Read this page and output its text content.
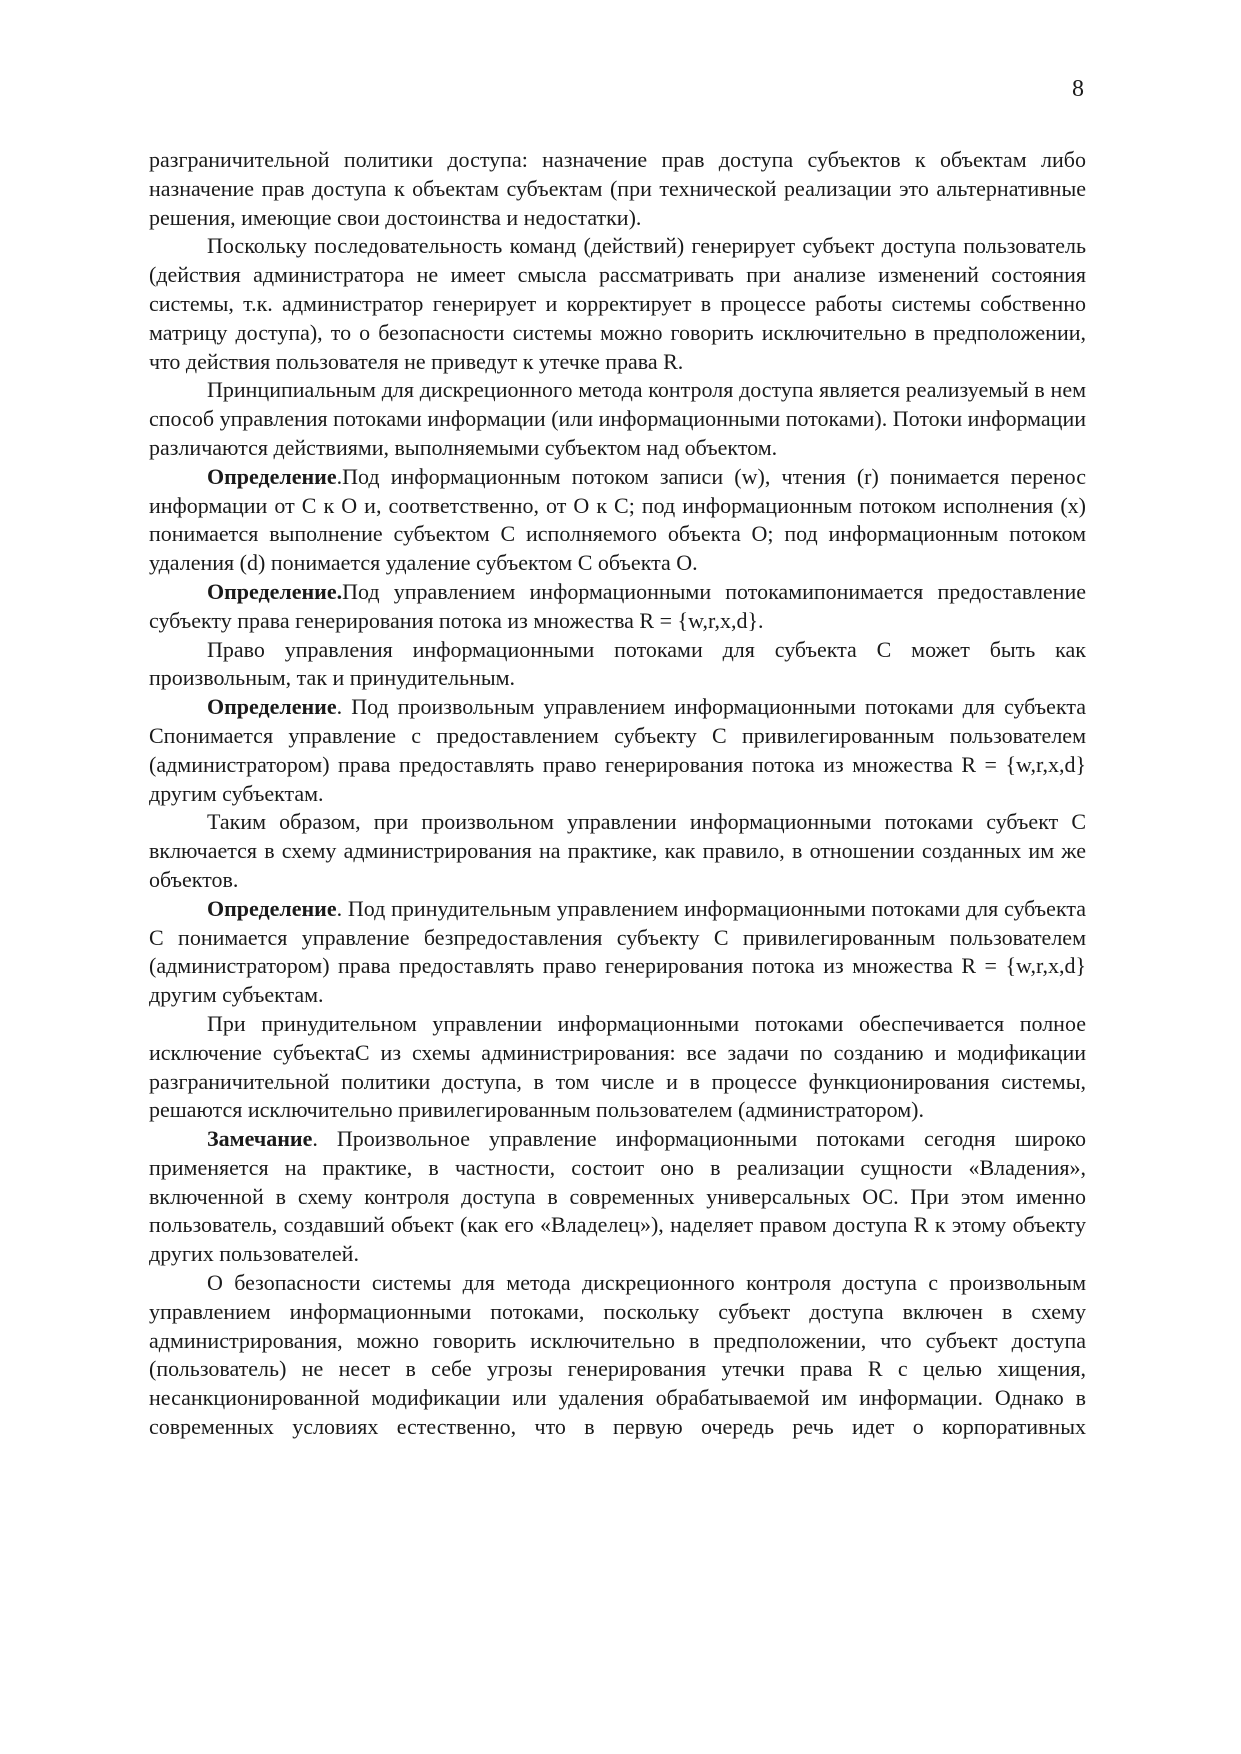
8

разграничительной политики доступа: назначение прав доступа субъектов к объектам либо назначение прав доступа к объектам субъектам (при технической реализации это альтернативные решения, имеющие свои достоинства и недостатки).

Поскольку последовательность команд (действий) генерирует субъект доступа пользователь (действия администратора не имеет смысла рассматривать при анализе изменений состояния системы, т.к. администратор генерирует и корректирует в процессе работы системы собственно матрицу доступа), то о безопасности системы можно говорить исключительно в предположении, что действия пользователя не приведут к утечке права R.

Принципиальным для дискреционного метода контроля доступа является реализуемый в нем способ управления потоками информации (или информационными потоками). Потоки информации различаются действиями, выполняемыми субъектом над объектом.

Определение.Под информационным потоком записи (w), чтения (r) понимается перенос информации от С к О и, соответственно, от О к С; под информационным потоком исполнения (x) понимается выполнение субъектом С исполняемого объекта О; под информационным потоком удаления (d) понимается удаление субъектом С объекта О.

Определение.Под управлением информационными потокамипонимается предоставление субъекту права генерирования потока из множества R = {w,r,x,d}.

Право управления информационными потоками для субъекта С может быть как произвольным, так и принудительным.

Определение. Под произвольным управлением информационными потоками для субъекта Спонимается управление с предоставлением субъекту С привилегированным пользователем (администратором) права предоставлять право генерирования потока из множества R = {w,r,x,d} другим субъектам.

Таким образом, при произвольном управлении информационными потоками субъект С включается в схему администрирования на практике, как правило, в отношении созданных им же объектов.

Определение. Под принудительным управлением информационными потоками для субъекта С понимается управление безпредоставления субъекту С привилегированным пользователем (администратором) права предоставлять право генерирования потока из множества R = {w,r,x,d} другим субъектам.

При принудительном управлении информационными потоками обеспечивается полное исключение субъектаС из схемы администрирования: все задачи по созданию и модификации разграничительной политики доступа, в том числе и в процессе функционирования системы, решаются исключительно привилегированным пользователем (администратором).

Замечание. Произвольное управление информационными потоками сегодня широко применяется на практике, в частности, состоит оно в реализации сущности «Владения», включенной в схему контроля доступа в современных универсальных ОС. При этом именно пользователь, создавший объект (как его «Владелец»), наделяет правом доступа R к этому объекту других пользователей.

О безопасности системы для метода дискреционного контроля доступа с произвольным управлением информационными потоками, поскольку субъект доступа включен в схему администрирования, можно говорить исключительно в предположении, что субъект доступа (пользователь) не несет в себе угрозы генерирования утечки права R с целью хищения, несанкционированной модификации или удаления обрабатываемой им информации. Однако в современных условиях естественно, что в первую очередь речь идет о корпоративных
